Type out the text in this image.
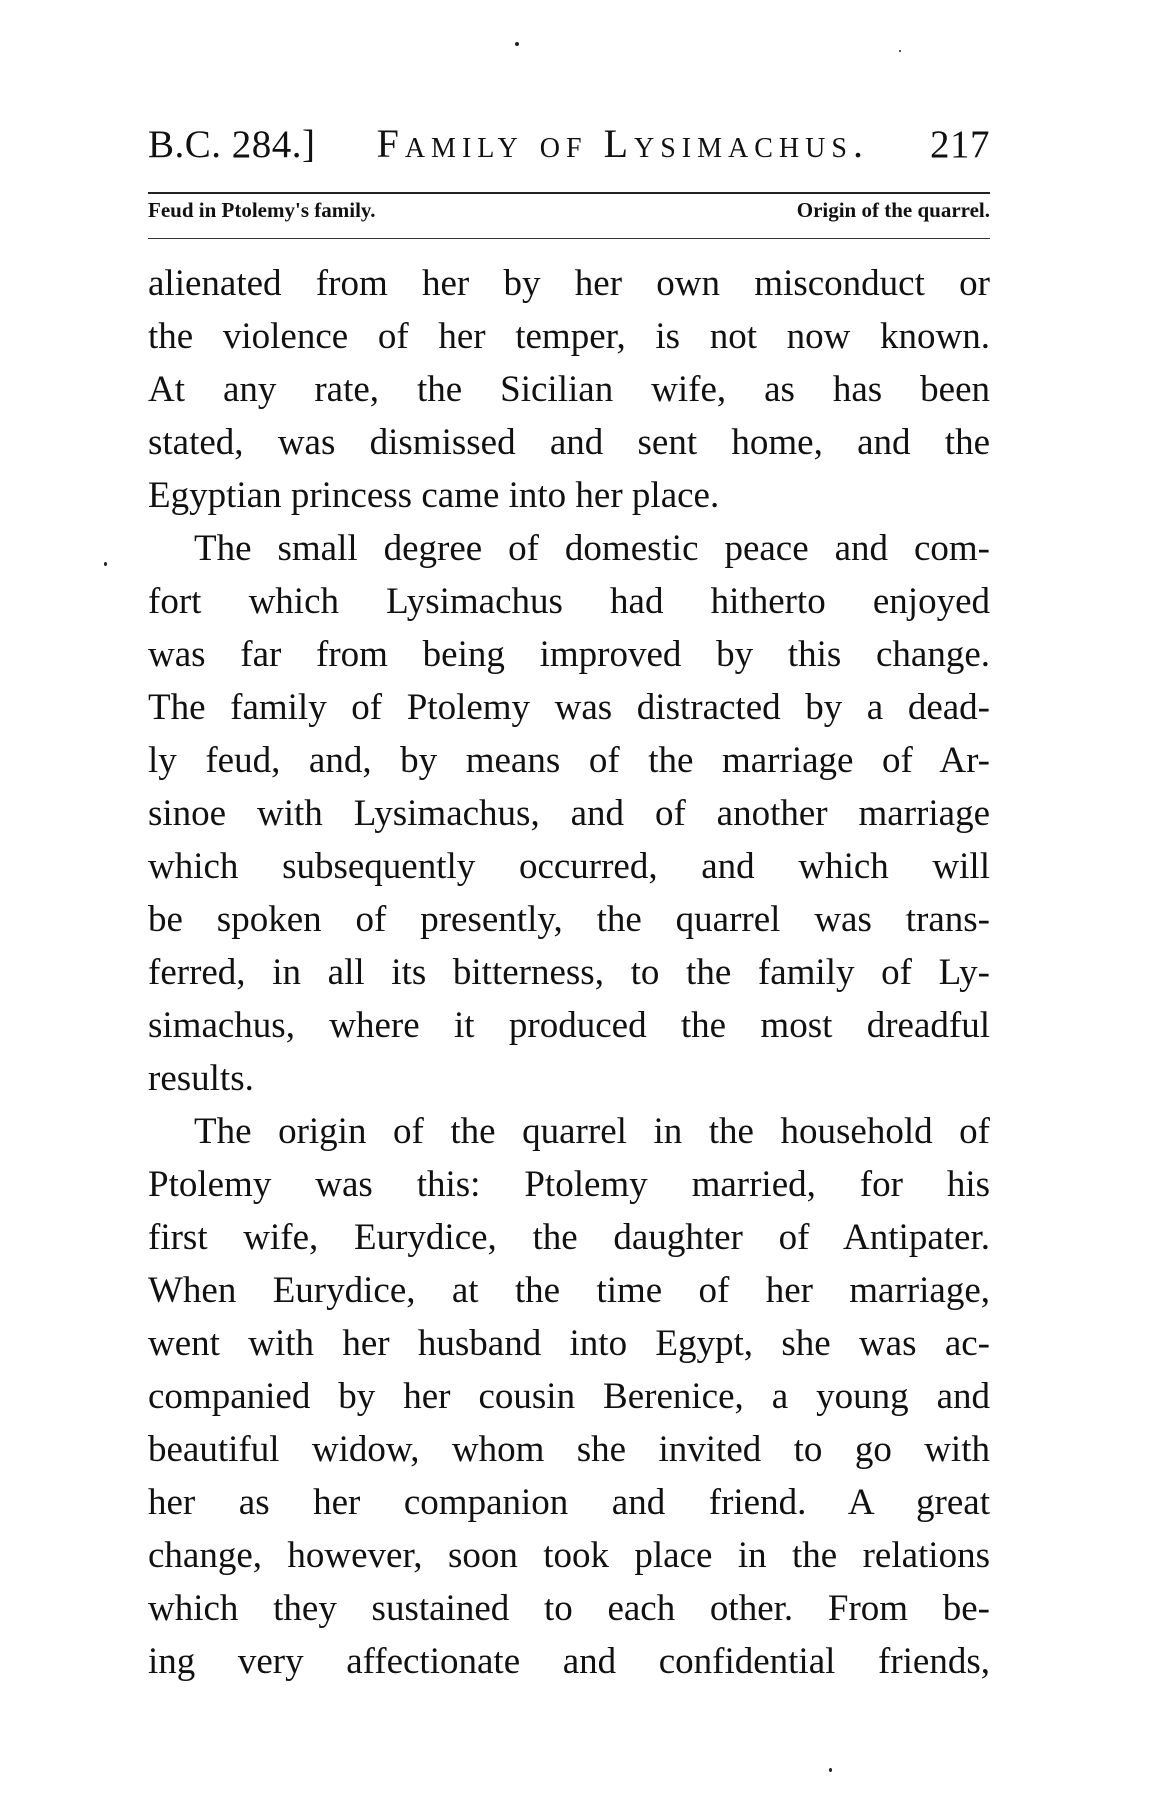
B.C. 284.] Family of Lysimachus. 217
Feud in Ptolemy's family.	Origin of the quarrel.
alienated from her by her own misconduct or
the violence of her temper, is not now known.
At any rate, the Sicilian wife, as has been
stated, was dismissed and sent home, and the
Egyptian princess came into her place.
The small degree of domestic peace and com-
fort which Lysimachus had hitherto enjoyed
was far from being improved by this change.
The family of Ptolemy was distracted by a dead-
ly feud, and, by means of the marriage of Ar-
sinoe with Lysimachus, and of another marriage
which subsequently occurred, and which will
be spoken of presently, the quarrel was trans-
ferred, in all its bitterness, to the family of Ly-
simachus, where it produced the most dreadful
results.
The origin of the quarrel in the household of
Ptolemy was this: Ptolemy married, for his
first wife, Eurydice, the daughter of Antipater.
When Eurydice, at the time of her marriage,
went with her husband into Egypt, she was ac-
companied by her cousin Berenice, a young and
beautiful widow, whom she invited to go with
her as her companion and friend. A great
change, however, soon took place in the relations
which they sustained to each other. From be-
ing very affectionate and confidential friends,
